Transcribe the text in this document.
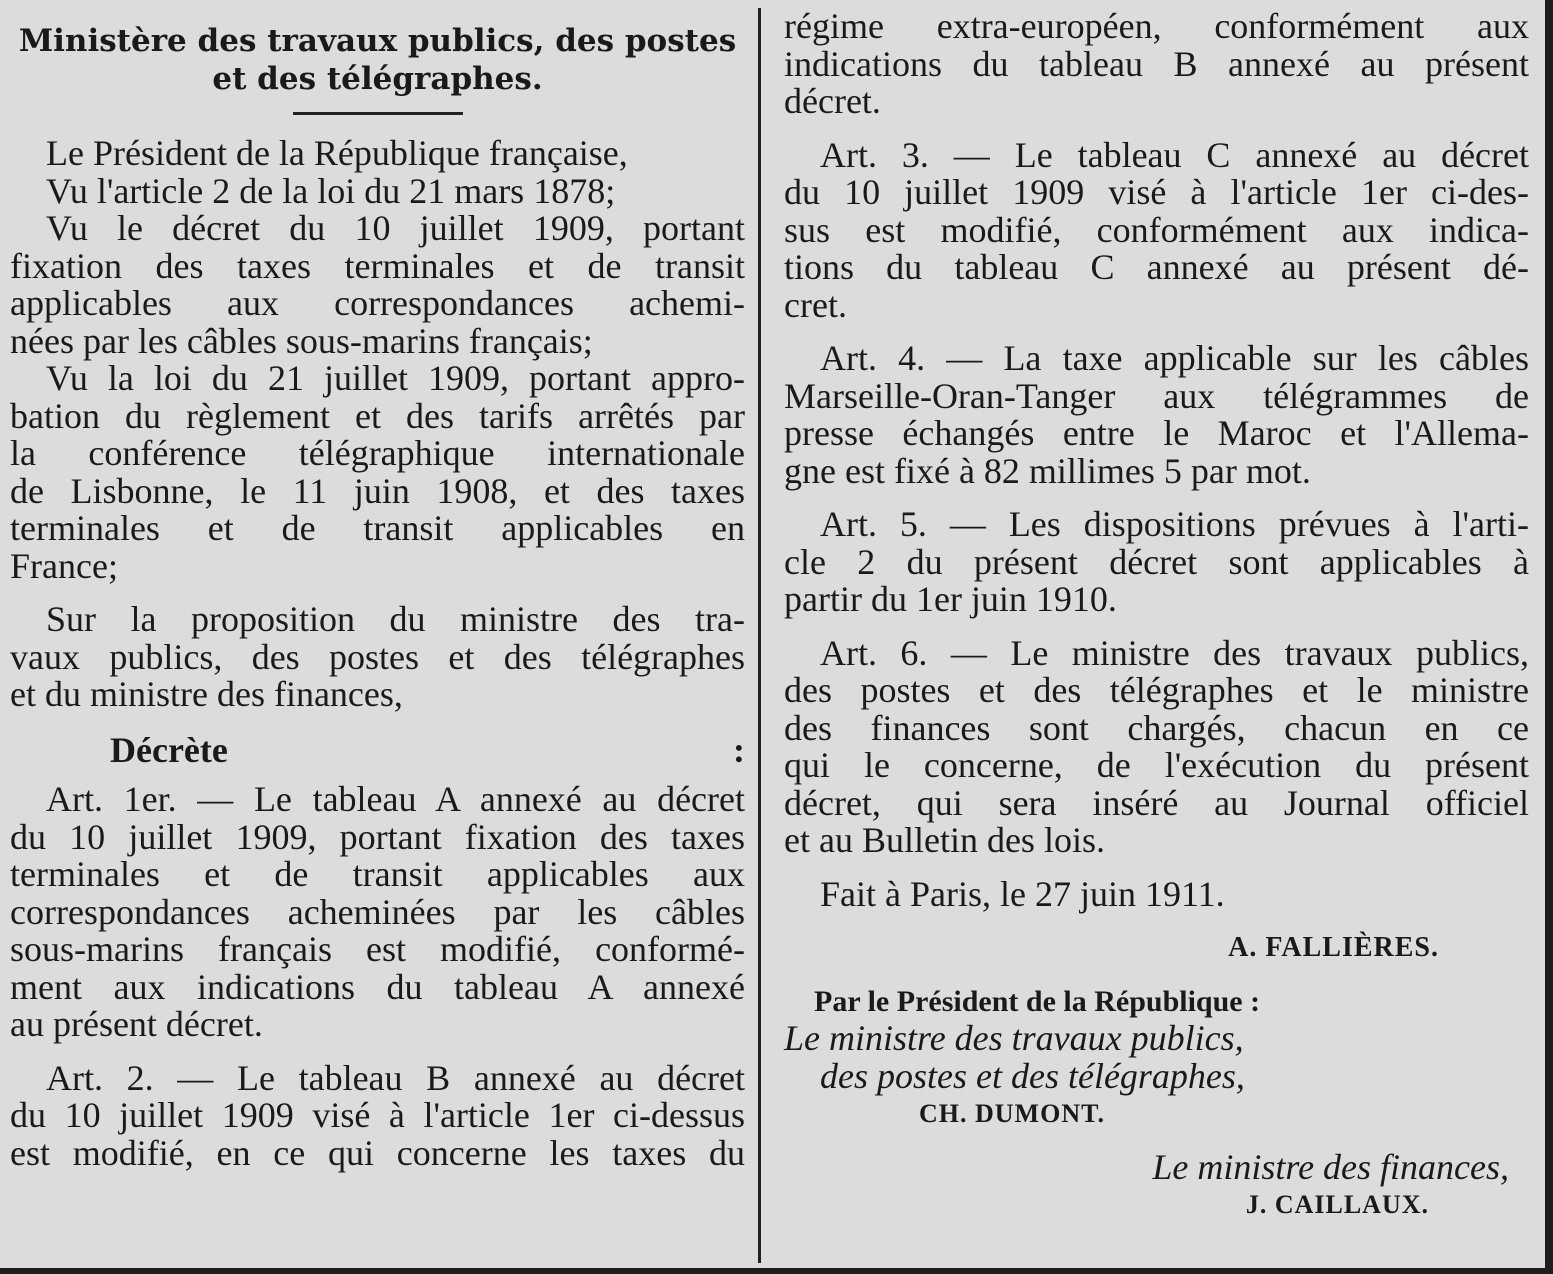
Ministère des travaux publics, des postes
et des télégraphes.
Le Président de la République française,
Vu l'article 2 de la loi du 21 mars 1878;
Vu le décret du 10 juillet 1909, portant
fixation des taxes terminales et de transit
applicables aux correspondances achemi-
nées par les câbles sous-marins français;
Vu la loi du 21 juillet 1909, portant appro-
bation du règlement et des tarifs arrêtés par
la conférence télégraphique internationale
de Lisbonne, le 11 juin 1908, et des taxes
terminales et de transit applicables en
France;
Sur la proposition du ministre des tra-
vaux publics, des postes et des télégraphes
et du ministre des finances,
Décrète :
Art. 1er. — Le tableau A annexé au décret
du 10 juillet 1909, portant fixation des taxes
terminales et de transit applicables aux
correspondances acheminées par les câbles
sous-marins français est modifié, conformé-
ment aux indications du tableau A annexé
au présent décret.
Art. 2. — Le tableau B annexé au décret
du 10 juillet 1909 visé à l'article 1er ci-dessus
est modifié, en ce qui concerne les taxes du
régime extra-européen, conformément aux
indications du tableau B annexé au présent
décret.
Art. 3. — Le tableau C annexé au décret
du 10 juillet 1909 visé à l'article 1er ci-des-
sus est modifié, conformément aux indica-
tions du tableau C annexé au présent dé-
cret.
Art. 4. — La taxe applicable sur les câbles
Marseille-Oran-Tanger aux télégrammes de
presse échangés entre le Maroc et l'Allema-
gne est fixé à 82 millimes 5 par mot.
Art. 5. — Les dispositions prévues à l'arti-
cle 2 du présent décret sont applicables à
partir du 1er juin 1910.
Art. 6. — Le ministre des travaux publics,
des postes et des télégraphes et le ministre
des finances sont chargés, chacun en ce
qui le concerne, de l'exécution du présent
décret, qui sera inséré au Journal officiel
et au Bulletin des lois.
Fait à Paris, le 27 juin 1911.
A. FALLIÈRES.
Par le Président de la République :
Le ministre des travaux publics,
des postes et des télégraphes,
CH. DUMONT.
Le ministre des finances,
J. CAILLAUX.
